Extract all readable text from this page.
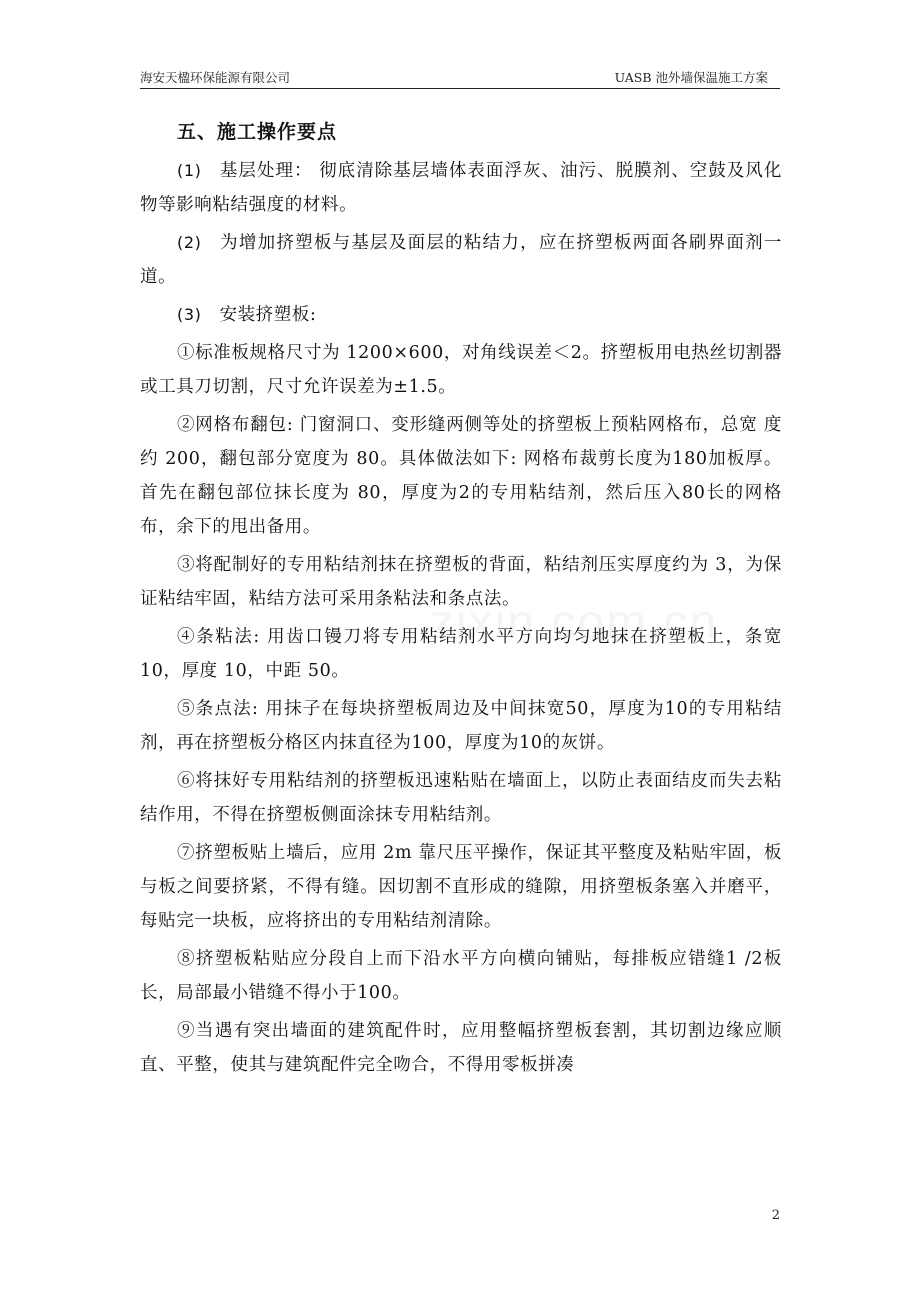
海安天楹环保能源有限公司	UASB 池外墙保温施工方案
五、施工操作要点

(1) 基层处理： 彻底清除基层墙体表面浮灰、油污、脱膜剂、空鼓及风化物等影响粘结强度的材料。

(2) 为增加挤塑板与基层及面层的粘结力，应在挤塑板两面各刷界面剂一道。

(3) 安装挤塑板:

①标准板规格尺寸为 1200×600，对角线误差＜2。挤塑板用电热丝切割器 或工具刀切割，尺寸允许误差为±1.5。

②网格布翻包: 门窗洞口、变形缝两侧等处的挤塑板上预粘网格布，总宽 度约 200，翻包部分宽度为 80。具体做法如下: 网格布裁剪长度为180加板厚。 首先在翻包部位抹长度为 80，厚度为2的专用粘结剂，然后压入80长的网格 布，余下的甩出备用。

③将配制好的专用粘结剂抹在挤塑板的背面，粘结剂压实厚度约为 3，为保证粘结牢固，粘结方法可采用条粘法和条点法。

④条粘法: 用齿口镘刀将专用粘结剂水平方向均匀地抹在挤塑板上，条宽10，厚度 10，中距 50。

⑤条点法: 用抹子在每块挤塑板周边及中间抹宽50，厚度为10的专用粘结剂，再在挤塑板分格区内抹直径为100，厚度为10的灰饼。

⑥将抹好专用粘结剂的挤塑板迅速粘贴在墙面上，以防止表面结皮而失去粘结作用，不得在挤塑板侧面涂抹专用粘结剂。

⑦挤塑板贴上墙后，应用 2m 靠尺压平操作，保证其平整度及粘贴牢固，板与板之间要挤紧，不得有缝。因切割不直形成的缝隙，用挤塑板条塞入并磨平，每贴完一块板，应将挤出的专用粘结剂清除。

⑧挤塑板粘贴应分段自上而下沿水平方向横向铺贴，每排板应错缝1 /2板长，局部最小错缝不得小于100。

⑨当遇有突出墙面的建筑配件时，应用整幅挤塑板套割，其切割边缘应顺直、平整，使其与建筑配件完全吻合，不得用零板拼凑

2
